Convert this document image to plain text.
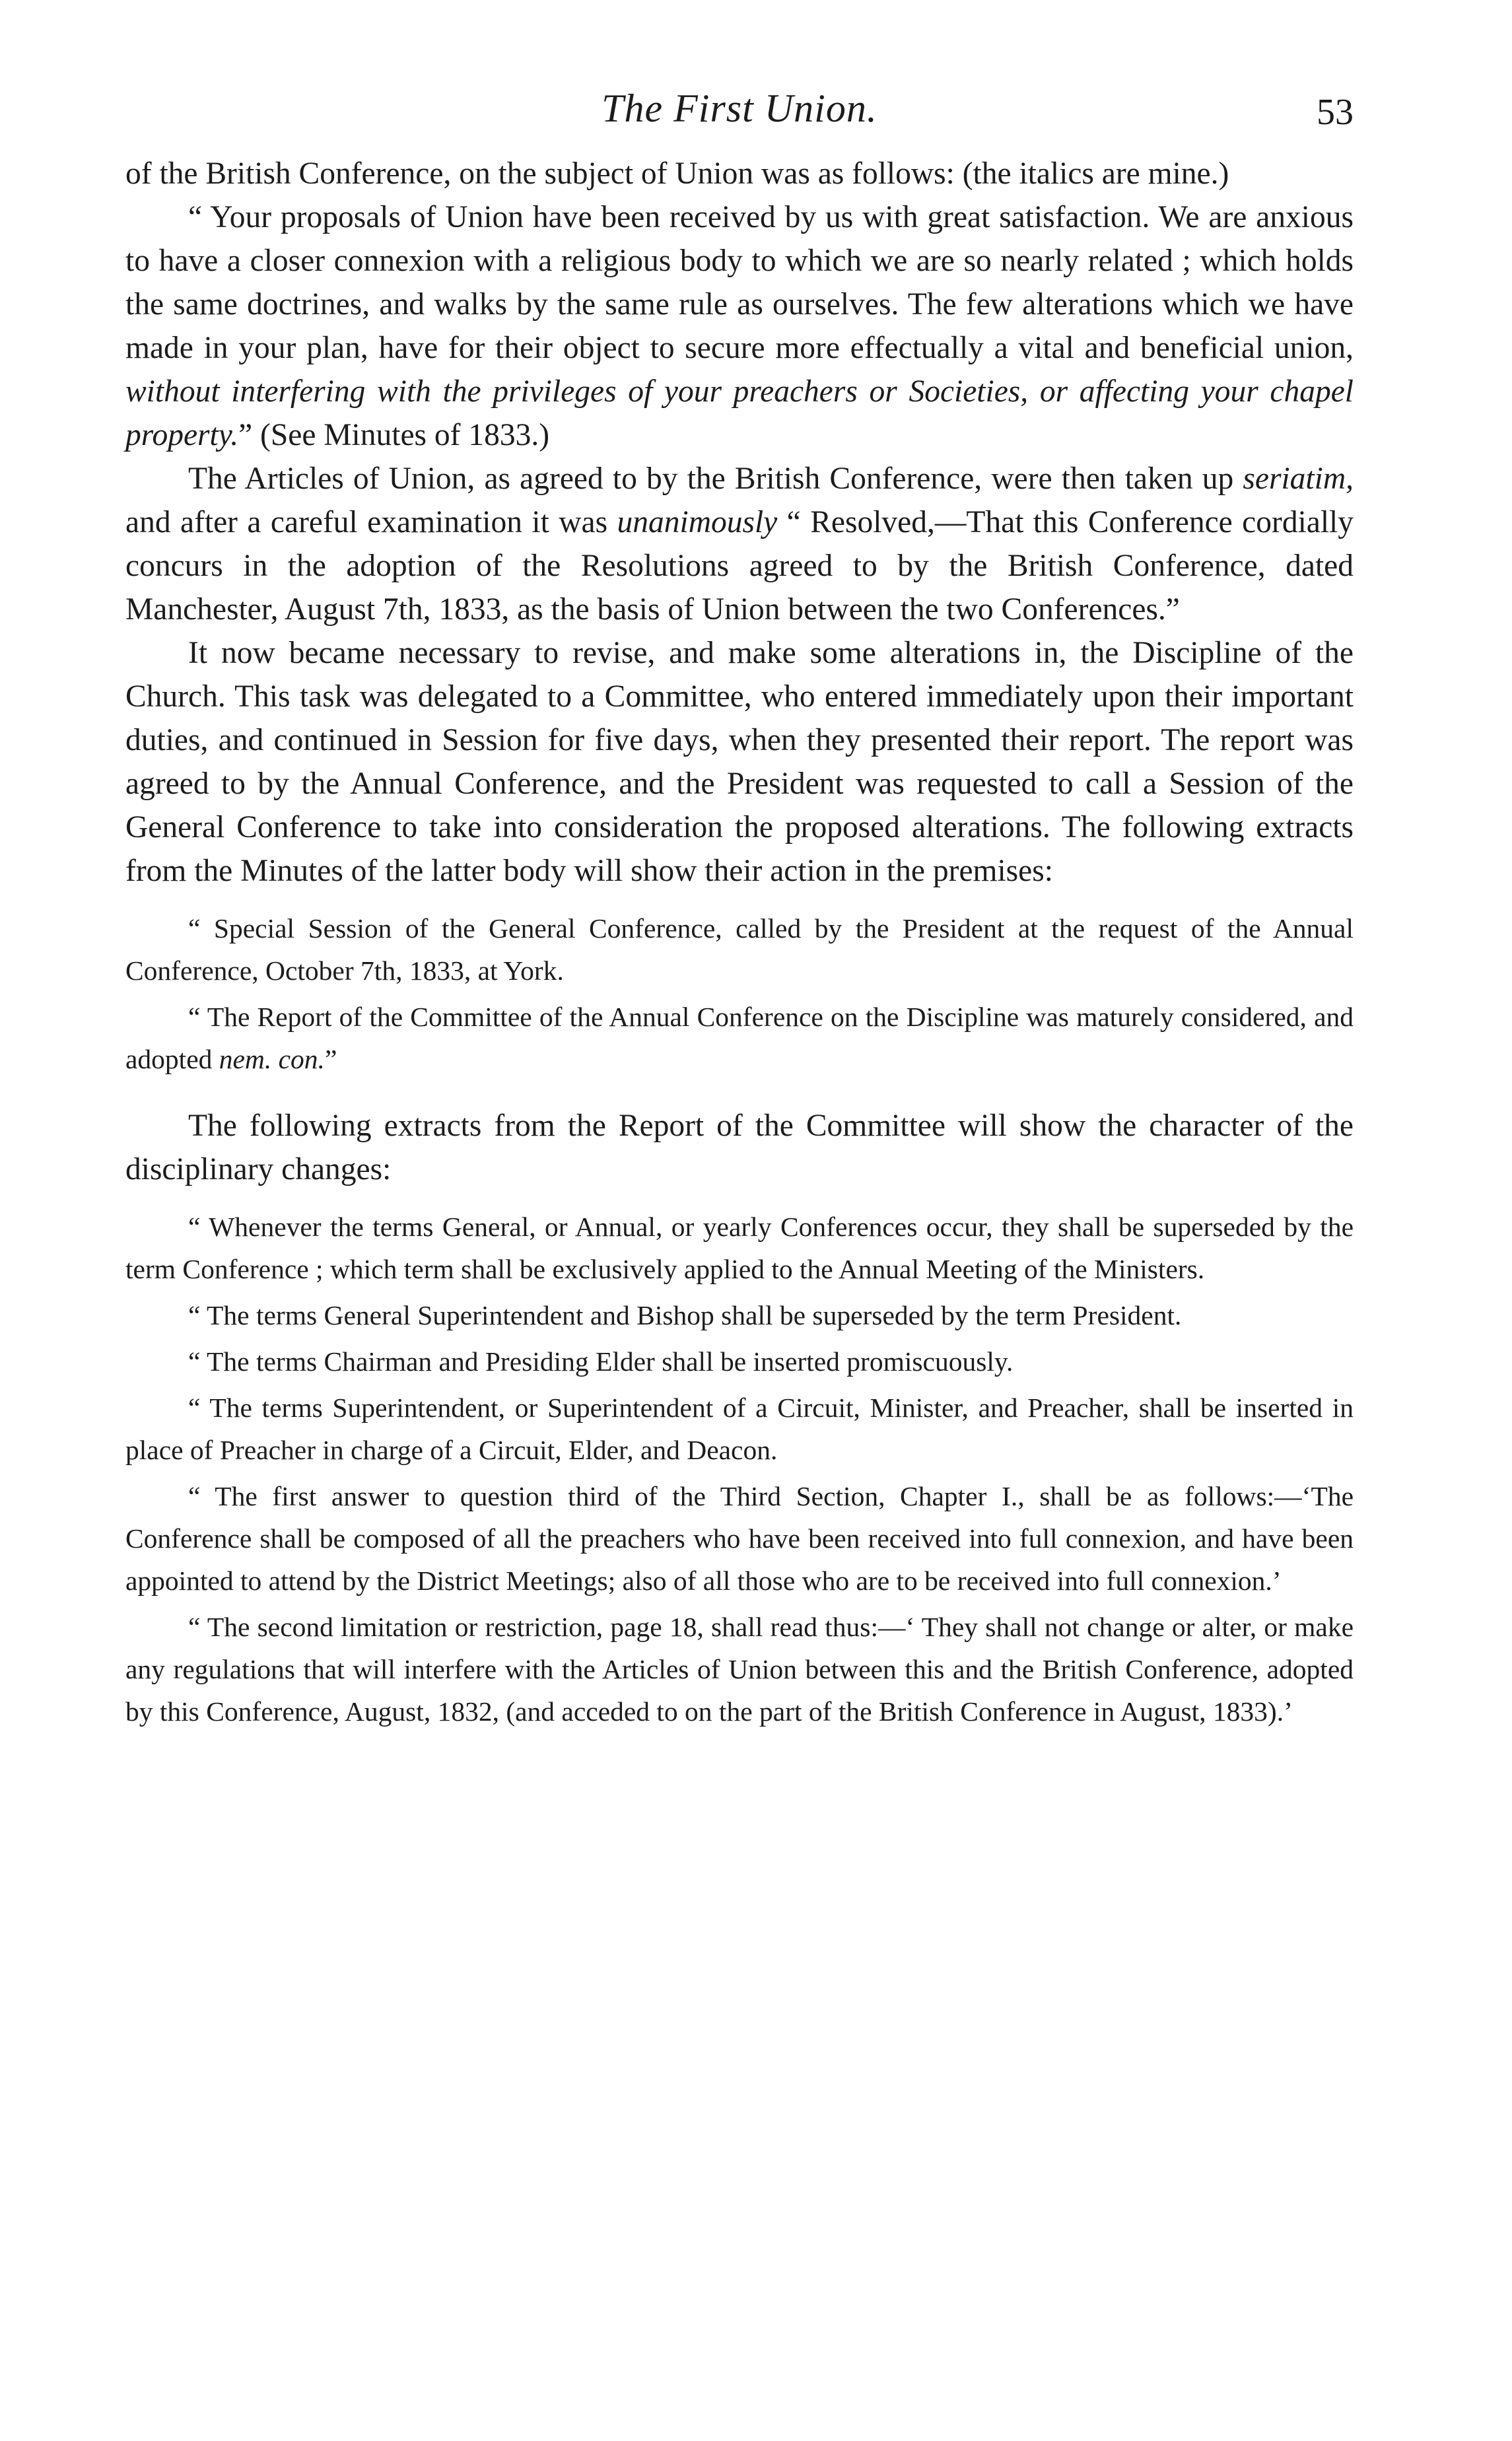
The First Union.	53

of the British Conference, on the subject of Union was as follows: (the italics are mine.)

“ Your proposals of Union have been received by us with great satisfaction. We are anxious to have a closer connexion with a religious body to which we are so nearly related ; which holds the same doctrines, and walks by the same rule as ourselves. The few alterations which we have made in your plan, have for their object to secure more effectually a vital and beneficial union, without interfering with the privileges of your preachers or Societies, or affecting your chapel property.” (See Minutes of 1833.)

The Articles of Union, as agreed to by the British Conference, were then taken up seriatim, and after a careful examination it was unanimously “ Resolved,—That this Conference cordially concurs in the adoption of the Resolutions agreed to by the British Conference, dated Manchester, August 7th, 1833, as the basis of Union between the two Conferences.”

It now became necessary to revise, and make some alterations in, the Discipline of the Church. This task was delegated to a Committee, who entered immediately upon their important duties, and continued in Session for five days, when they presented their report. The report was agreed to by the Annual Conference, and the President was requested to call a Session of the General Conference to take into consideration the proposed alterations. The following extracts from the Minutes of the latter body will show their action in the premises:

“ Special Session of the General Conference, called by the President at the request of the Annual Conference, October 7th, 1833, at York.

“ The Report of the Committee of the Annual Conference on the Discipline was maturely considered, and adopted nem. con.”

The following extracts from the Report of the Committee will show the character of the disciplinary changes:

“ Whenever the terms General, or Annual, or yearly Conferences occur, they shall be superseded by the term Conference ; which term shall be exclusively applied to the Annual Meeting of the Ministers.

“ The terms General Superintendent and Bishop shall be superseded by the term President.

“ The terms Chairman and Presiding Elder shall be inserted promiscuously.

“ The terms Superintendent, or Superintendent of a Circuit, Minister, and Preacher, shall be inserted in place of Preacher in charge of a Circuit, Elder, and Deacon.

“ The first answer to question third of the Third Section, Chapter I., shall be as follows:—‘The Conference shall be composed of all the preachers who have been received into full connexion, and have been appointed to attend by the District Meetings; also of all those who are to be received into full connexion.’

“ The second limitation or restriction, page 18, shall read thus:—‘ They shall not change or alter, or make any regulations that will interfere with the Articles of Union between this and the British Conference, adopted by this Conference, August, 1832, (and acceded to on the part of the British Conference in August, 1833).’
